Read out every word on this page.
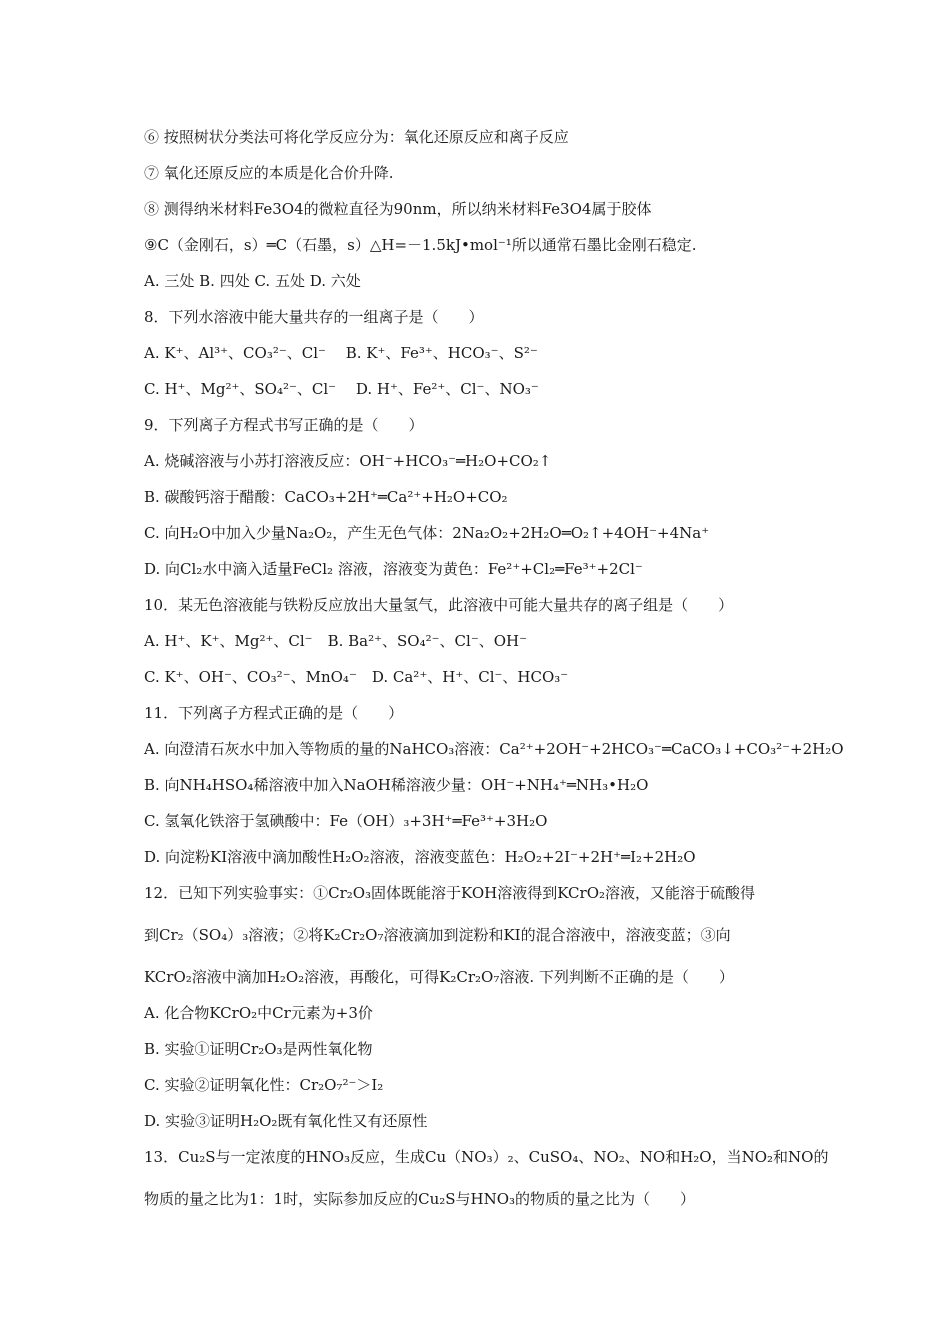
⑥ 按照树状分类法可将化学反应分为：氧化还原反应和离子反应
⑦ 氧化还原反应的本质是化合价升降.
⑧ 测得纳米材料Fe3O4的微粒直径为90nm，所以纳米材料Fe3O4属于胶体
⑨C（金刚石，s）═C（石墨，s）△H=－1.5kJ•mol⁻¹所以通常石墨比金刚石稳定.
A. 三处 B. 四处 C. 五处 D. 六处
8．下列水溶液中能大量共存的一组离子是（　　）
A. K⁺、Al³⁺、CO₃²⁻、Cl⁻　 B. K⁺、Fe³⁺、HCO₃⁻、S²⁻
C. H⁺、Mg²⁺、SO₄²⁻、Cl⁻　 D. H⁺、Fe²⁺、Cl⁻、NO₃⁻
9．下列离子方程式书写正确的是（　　）
A. 烧碱溶液与小苏打溶液反应：OH⁻+HCO₃⁻═H₂O+CO₂↑
B. 碳酸钙溶于醋酸：CaCO₃+2H⁺═Ca²⁺+H₂O+CO₂
C. 向H₂O中加入少量Na₂O₂，产生无色气体：2Na₂O₂+2H₂O═O₂↑+4OH⁻+4Na⁺
D. 向Cl₂水中滴入适量FeCl₂ 溶液，溶液变为黄色：Fe²⁺+Cl₂═Fe³⁺+2Cl⁻
10．某无色溶液能与铁粉反应放出大量氢气，此溶液中可能大量共存的离子组是（　　）
A. H⁺、K⁺、Mg²⁺、Cl⁻　B. Ba²⁺、SO₄²⁻、Cl⁻、OH⁻
C. K⁺、OH⁻、CO₃²⁻、MnO₄⁻　D. Ca²⁺、H⁺、Cl⁻、HCO₃⁻
11．下列离子方程式正确的是（　　）
A. 向澄清石灰水中加入等物质的量的NaHCO₃溶液：Ca²⁺+2OH⁻+2HCO₃⁻═CaCO₃↓+CO₃²⁻+2H₂O
B. 向NH₄HSO₄稀溶液中加入NaOH稀溶液少量：OH⁻+NH₄⁺═NH₃•H₂O
C. 氢氧化铁溶于氢碘酸中：Fe（OH）₃+3H⁺═Fe³⁺+3H₂O
D. 向淀粉KI溶液中滴加酸性H₂O₂溶液，溶液变蓝色：H₂O₂+2I⁻+2H⁺═I₂+2H₂O
12．已知下列实验事实：①Cr₂O₃固体既能溶于KOH溶液得到KCrO₂溶液，又能溶于硫酸得
到Cr₂（SO₄）₃溶液；②将K₂Cr₂O₇溶液滴加到淀粉和KI的混合溶液中，溶液变蓝；③向
KCrO₂溶液中滴加H₂O₂溶液，再酸化，可得K₂Cr₂O₇溶液. 下列判断不正确的是（　　）
A. 化合物KCrO₂中Cr元素为+3价
B. 实验①证明Cr₂O₃是两性氧化物
C. 实验②证明氧化性：Cr₂O₇²⁻＞I₂
D. 实验③证明H₂O₂既有氧化性又有还原性
13．Cu₂S与一定浓度的HNO₃反应，生成Cu（NO₃）₂、CuSO₄、NO₂、NO和H₂O，当NO₂和NO的
物质的量之比为1：1时，实际参加反应的Cu₂S与HNO₃的物质的量之比为（　　）
